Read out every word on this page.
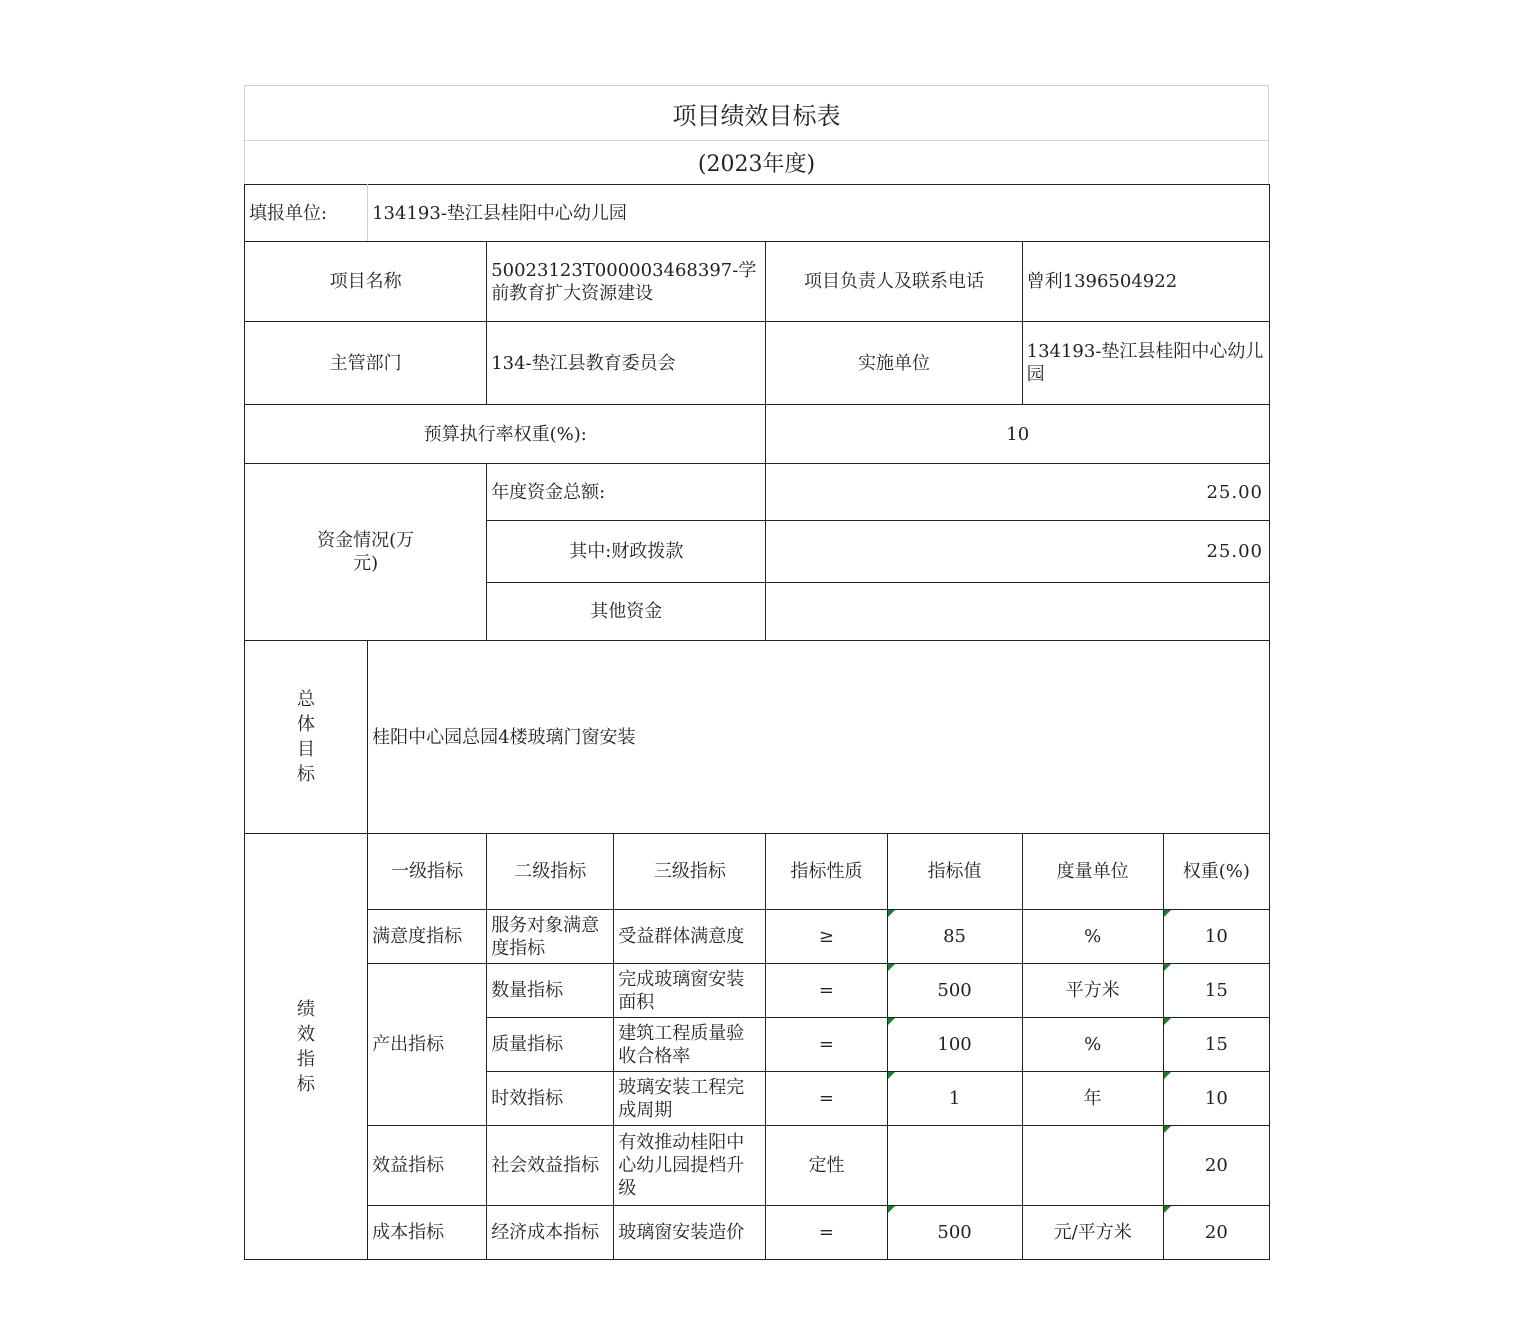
项目绩效目标表
(2023年度)
填报单位:	134193-垫江县桂阳中心幼儿园						
项目名称		50023123T000003468397-学前教育扩大资源建设		项目负责人及联系电话		曾利1396504922	
主管部门		134-垫江县教育委员会		实施单位		134193-垫江县桂阳中心幼儿园	
预算执行率权重(%):				10			
资金情况(万元)		年度资金总额:		25.00			
		其中:财政拨款		25.00			
		其他资金					
总体目标	桂阳中心园总园4楼玻璃门窗安装						
绩效指标	一级指标	二级指标	三级指标	指标性质	指标值	度量单位	权重(%)
	满意度指标	服务对象满意度指标	受益群体满意度	≥	85	%	10
	产出指标	数量指标	完成玻璃窗安装面积	=	500	平方米	15
		质量指标	建筑工程质量验收合格率	=	100	%	15
		时效指标	玻璃安装工程完成周期	=	1	年	10
	效益指标	社会效益指标	有效推动桂阳中心幼儿园提档升级	定性			20
	成本指标	经济成本指标	玻璃窗安装造价	=	500	元/平方米	20
